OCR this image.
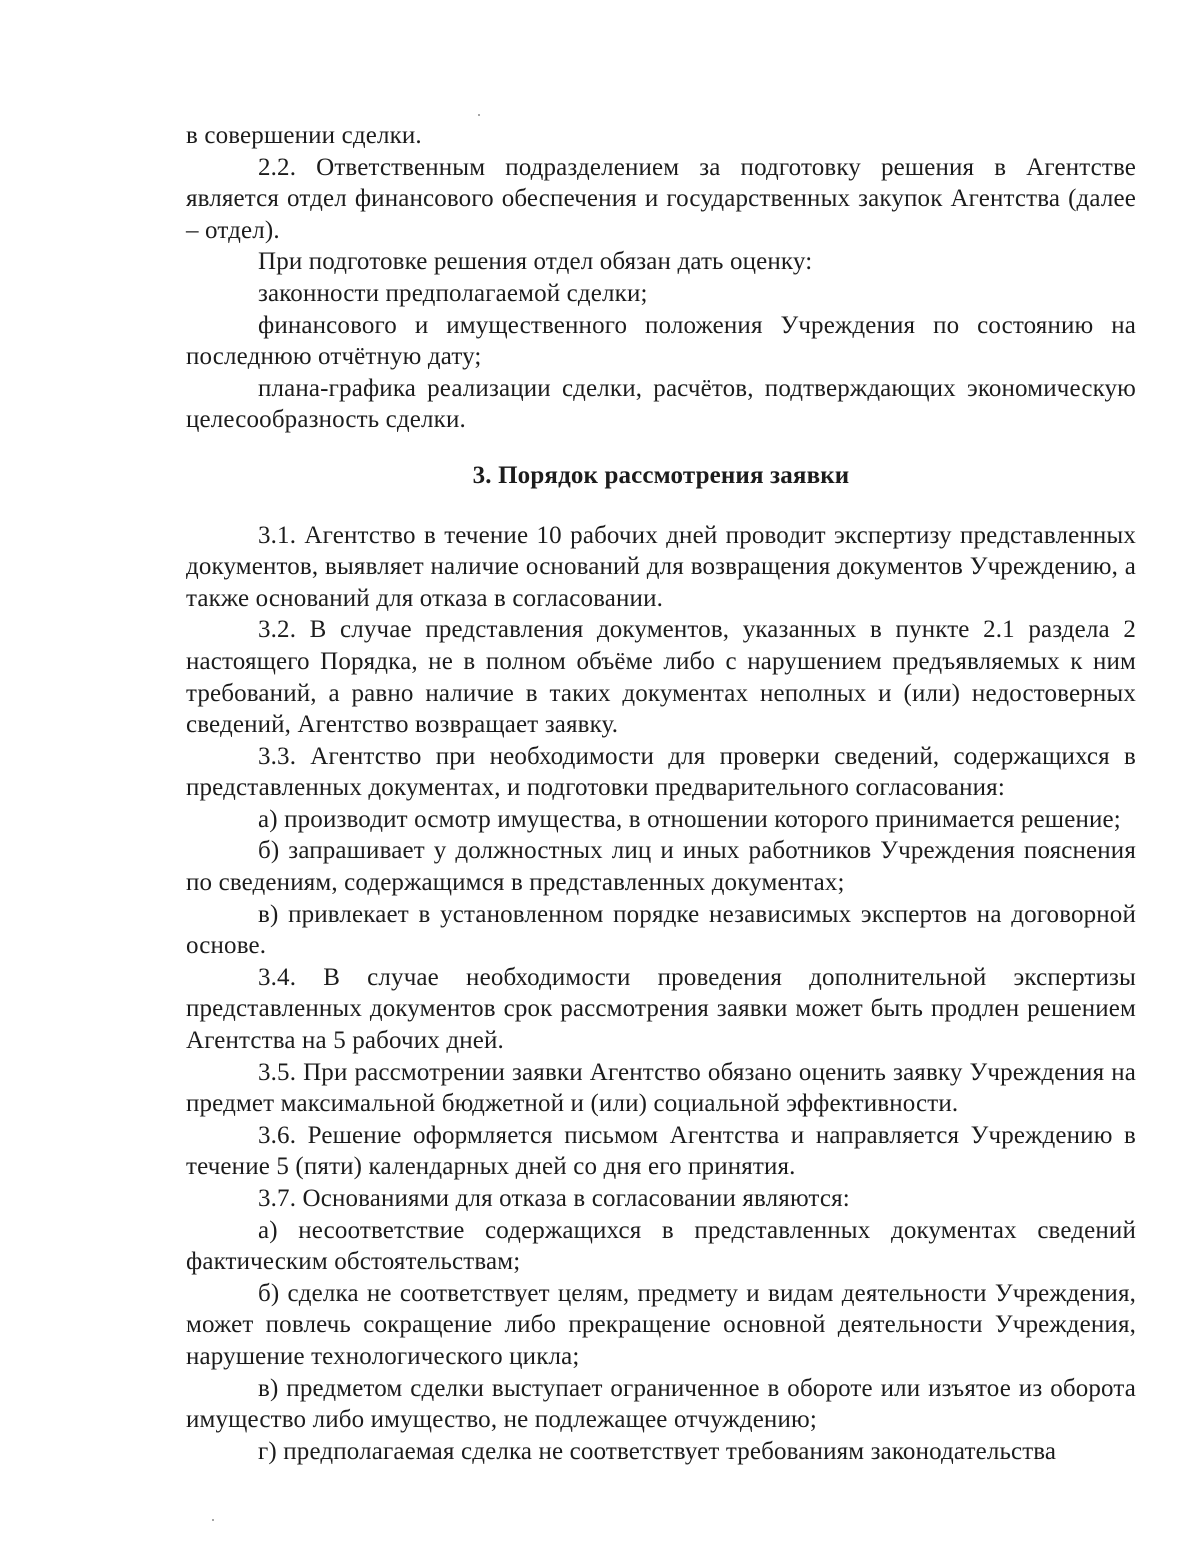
в совершении сделки.

2.2. Ответственным подразделением за подготовку решения в Агентстве является отдел финансового обеспечения и государственных закупок Агентства (далее – отдел).

При подготовке решения отдел обязан дать оценку:

законности предполагаемой сделки;

финансового и имущественного положения Учреждения по состоянию на последнюю отчётную дату;

плана-графика реализации сделки, расчётов, подтверждающих экономическую целесообразность сделки.

3. Порядок рассмотрения заявки

3.1. Агентство в течение 10 рабочих дней проводит экспертизу представленных документов, выявляет наличие оснований для возвращения документов Учреждению, а также оснований для отказа в согласовании.

3.2. В случае представления документов, указанных в пункте 2.1 раздела 2 настоящего Порядка, не в полном объёме либо с нарушением предъявляемых к ним требований, а равно наличие в таких документах неполных и (или) недостоверных сведений, Агентство возвращает заявку.

3.3. Агентство при необходимости для проверки сведений, содержащихся в представленных документах, и подготовки предварительного согласования:

а) производит осмотр имущества, в отношении которого принимается решение;

б) запрашивает у должностных лиц и иных работников Учреждения пояснения по сведениям, содержащимся в представленных документах;

в) привлекает в установленном порядке независимых экспертов на договорной основе.

3.4. В случае необходимости проведения дополнительной экспертизы представленных документов срок рассмотрения заявки может быть продлен решением Агентства на 5 рабочих дней.

3.5. При рассмотрении заявки Агентство обязано оценить заявку Учреждения на предмет максимальной бюджетной и (или) социальной эффективности.

3.6. Решение оформляется письмом Агентства и направляется Учреждению в течение 5 (пяти) календарных дней со дня его принятия.

3.7. Основаниями для отказа в согласовании являются:

а) несоответствие содержащихся в представленных документах сведений фактическим обстоятельствам;

б) сделка не соответствует целям, предмету и видам деятельности Учреждения, может повлечь сокращение либо прекращение основной деятельности Учреждения, нарушение технологического цикла;

в) предметом сделки выступает ограниченное в обороте или изъятое из оборота имущество либо имущество, не подлежащее отчуждению;

г) предполагаемая сделка не соответствует требованиям законодательства
